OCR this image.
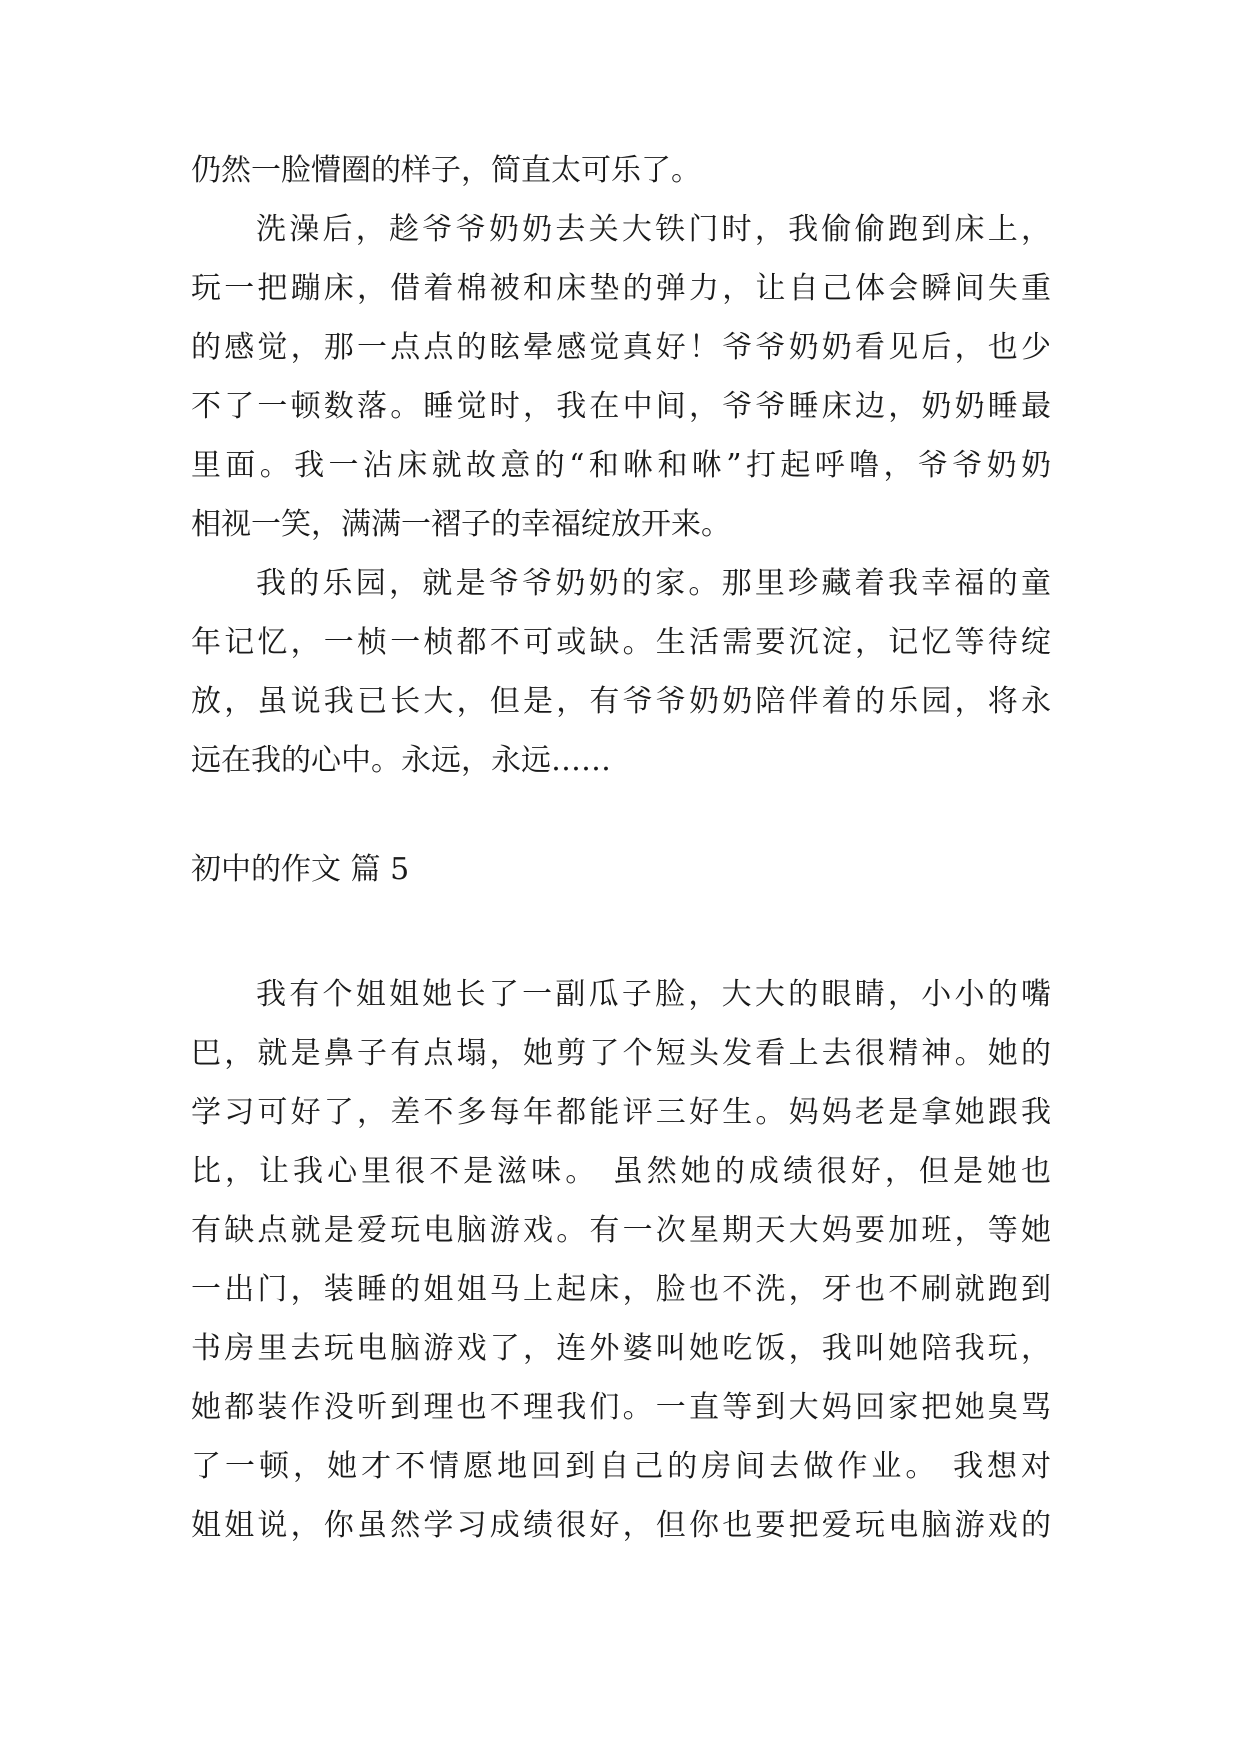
仍然一脸懵圈的样子，简直太可乐了。
洗澡后，趁爷爷奶奶去关大铁门时，我偷偷跑到床上，
玩一把蹦床，借着棉被和床垫的弹力，让自己体会瞬间失重
的感觉，那一点点的眩晕感觉真好！爷爷奶奶看见后，也少
不了一顿数落。睡觉时，我在中间，爷爷睡床边，奶奶睡最
里面。我一沾床就故意的“和咻和咻”打起呼噜，爷爷奶奶
相视一笑，满满一褶子的幸福绽放开来。
我的乐园，就是爷爷奶奶的家。那里珍藏着我幸福的童
年记忆，一桢一桢都不可或缺。生活需要沉淀，记忆等待绽
放，虽说我已长大，但是，有爷爷奶奶陪伴着的乐园，将永
远在我的心中。永远，永远……
初中的作文 篇 5
我有个姐姐她长了一副瓜子脸，大大的眼睛，小小的嘴
巴，就是鼻子有点塌，她剪了个短头发看上去很精神。她的
学习可好了，差不多每年都能评三好生。妈妈老是拿她跟我
比，让我心里很不是滋味。 虽然她的成绩很好，但是她也
有缺点就是爱玩电脑游戏。有一次星期天大妈要加班，等她
一出门，装睡的姐姐马上起床，脸也不洗，牙也不刷就跑到
书房里去玩电脑游戏了，连外婆叫她吃饭，我叫她陪我玩，
她都装作没听到理也不理我们。一直等到大妈回家把她臭骂
了一顿，她才不情愿地回到自己的房间去做作业。 我想对
姐姐说，你虽然学习成绩很好，但你也要把爱玩电脑游戏的
